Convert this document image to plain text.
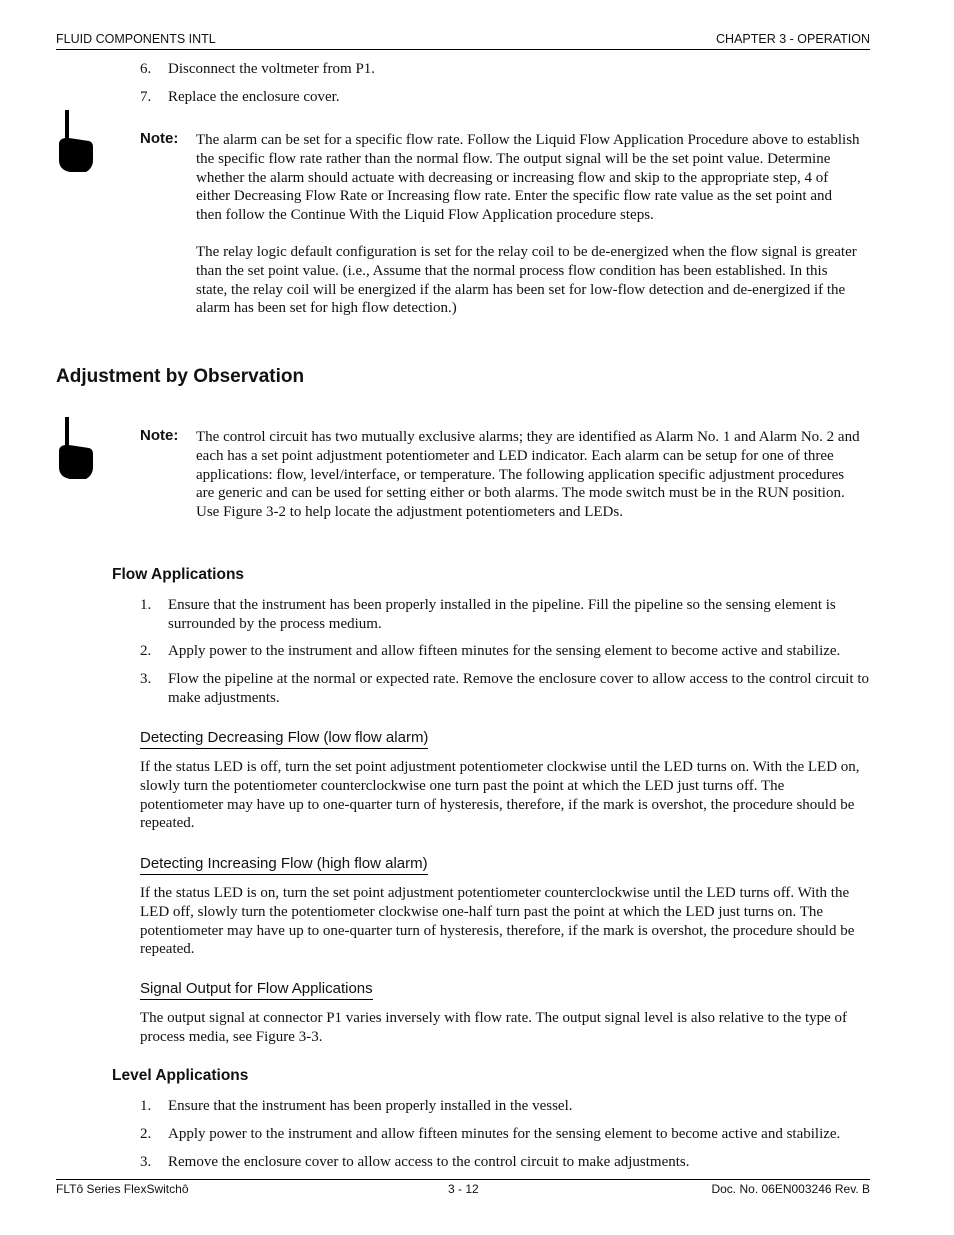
FLUID COMPONENTS INTL	CHAPTER 3 - OPERATION
6. Disconnect the voltmeter from P1.
7. Replace the enclosure cover.
Note: The alarm can be set for a specific flow rate. Follow the Liquid Flow Application Procedure above to establish the specific flow rate rather than the normal flow. The output signal will be the set point value. Determine whether the alarm should actuate with decreasing or increasing flow and skip to the appropriate step, 4 of either Decreasing Flow Rate or Increasing flow rate. Enter the specific flow rate value as the set point and then follow the Continue With the Liquid Flow Application procedure steps.
The relay logic default configuration is set for the relay coil to be de-energized when the flow signal is greater than the set point value. (i.e., Assume that the normal process flow condition has been established. In this state, the relay coil will be energized if the alarm has been set for low-flow detection and de-energized if the alarm has been set for high flow detection.)
Adjustment by Observation
Note: The control circuit has two mutually exclusive alarms; they are identified as Alarm No. 1 and Alarm No. 2 and each has a set point adjustment potentiometer and LED indicator. Each alarm can be setup for one of three applications: flow, level/interface, or temperature. The following application specific adjustment procedures are generic and can be used for setting either or both alarms. The mode switch must be in the RUN position. Use Figure 3-2 to help locate the adjustment potentiometers and LEDs.
Flow Applications
1. Ensure that the instrument has been properly installed in the pipeline. Fill the pipeline so the sensing element is surrounded by the process medium.
2. Apply power to the instrument and allow fifteen minutes for the sensing element to become active and stabilize.
3. Flow the pipeline at the normal or expected rate. Remove the enclosure cover to allow access to the control circuit to make adjustments.
Detecting Decreasing Flow (low flow alarm)
If the status LED is off, turn the set point adjustment potentiometer clockwise until the LED turns on. With the LED on, slowly turn the potentiometer counterclockwise one turn past the point at which the LED just turns off. The potentiometer may have up to one-quarter turn of hysteresis, therefore, if the mark is overshot, the procedure should be repeated.
Detecting Increasing Flow (high flow alarm)
If the status LED is on, turn the set point adjustment potentiometer counterclockwise until the LED turns off. With the LED off, slowly turn the potentiometer clockwise one-half turn past the point at which the LED just turns on. The potentiometer may have up to one-quarter turn of hysteresis, therefore, if the mark is overshot, the procedure should be repeated.
Signal Output for Flow Applications
The output signal at connector P1 varies inversely with flow rate. The output signal level is also relative to the type of process media, see Figure 3-3.
Level Applications
1. Ensure that the instrument has been properly installed in the vessel.
2. Apply power to the instrument and allow fifteen minutes for the sensing element to become active and stabilize.
3. Remove the enclosure cover to allow access to the control circuit to make adjustments.
FLTô Series FlexSwitchô	3 - 12	Doc. No. 06EN003246 Rev. B
